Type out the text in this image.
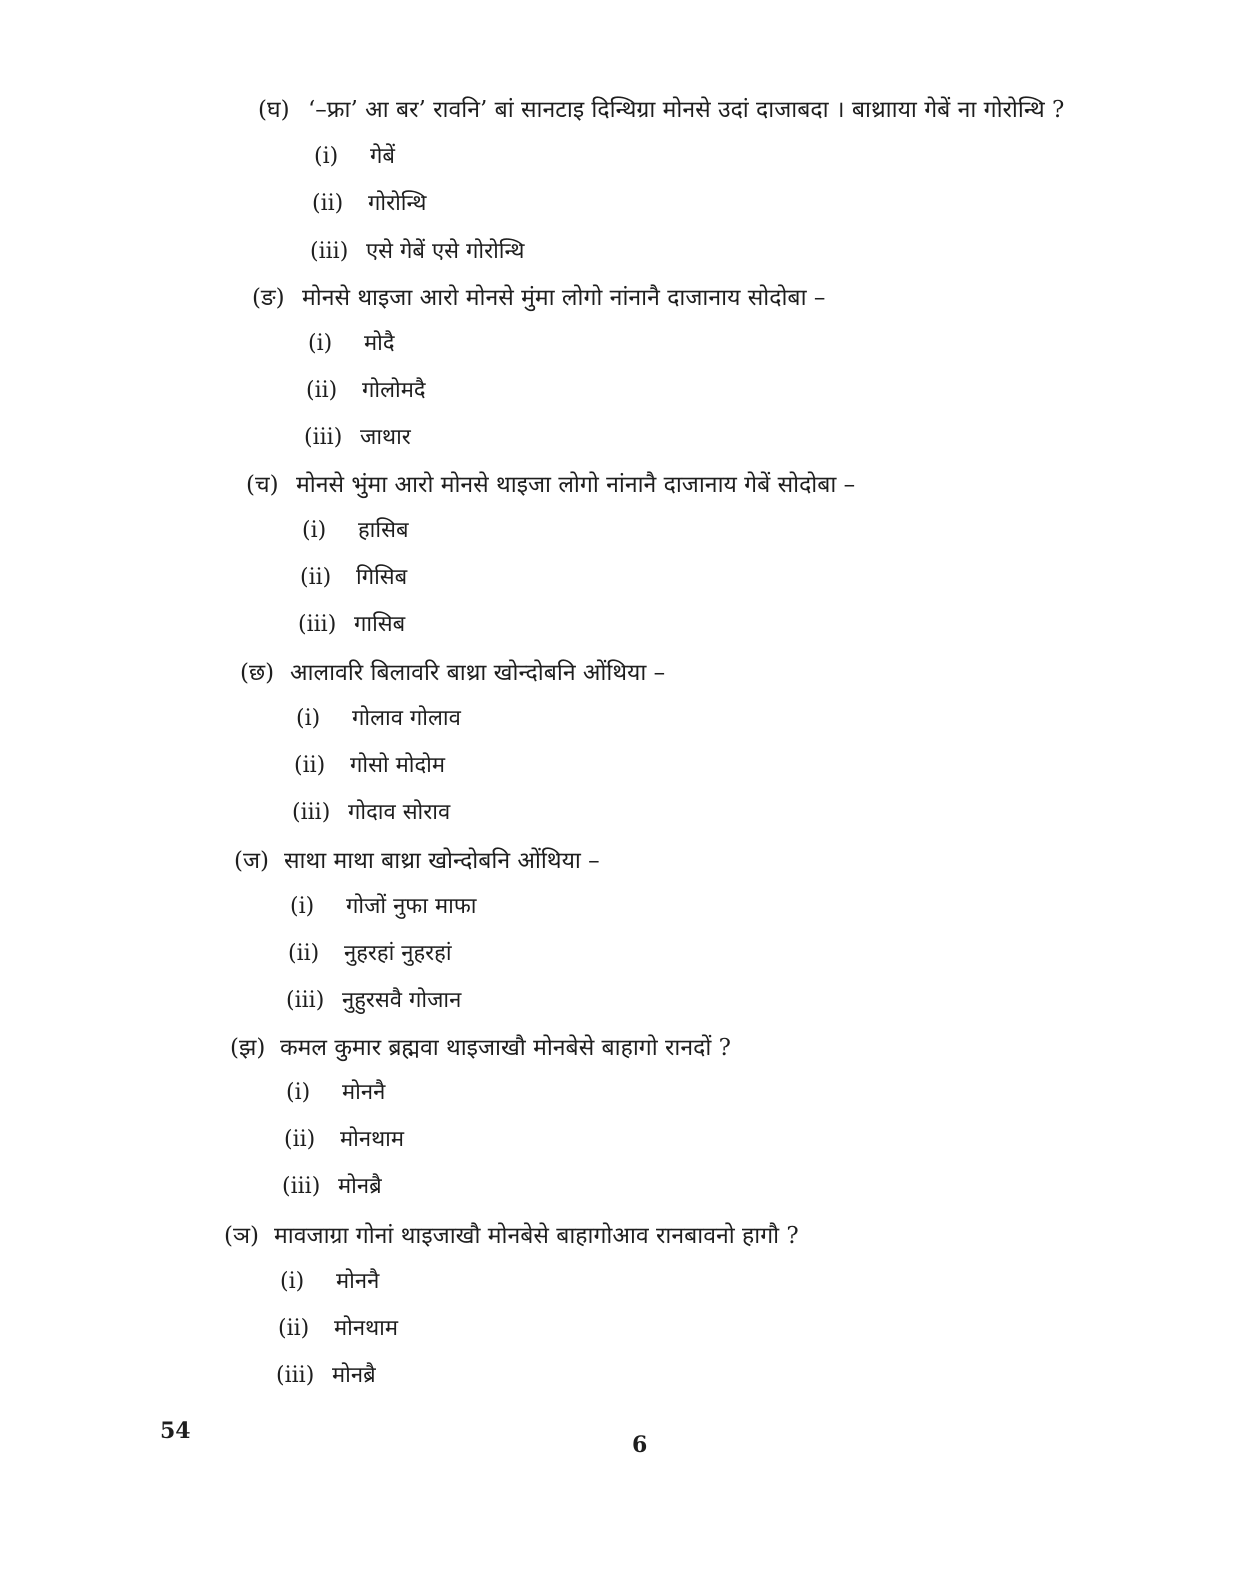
(घ) ‘–फ्रा’ आ बर’ रावनि’ बां सानटाइ दिन्थिग्रा मोनसे उदां दाजाबदा । बाथ्रााया गेबें ना गोरोन्थि ?
(i) गेबें
(ii) गोरोन्थि
(iii) एसे गेबें एसे गोरोन्थि
(ङ) मोनसे थाइजा आरो मोनसे मुंमा लोगो नांनानै दाजानाय सोदोबा –
(i) मोदै
(ii) गोलोमदै
(iii) जाथार
(च) मोनसे भुंमा आरो मोनसे थाइजा लोगो नांनानै दाजानाय गेबें सोदोबा –
(i) हासिब
(ii) गिसिब
(iii) गासिब
(छ) आलावरि बिलावरि बाथ्रा खोन्दोबनि ओंथिया –
(i) गोलाव गोलाव
(ii) गोसो मोदोम
(iii) गोदाव सोराव
(ज) साथा माथा बाथ्रा खोन्दोबनि ओंथिया –
(i) गोजों नुफा माफा
(ii) नुहरहां नुहरहां
(iii) नुहुरसवै गोजान
(झ) कमल कुमार ब्रह्मवा थाइजाखौ मोनबेसे बाहागो रानदों ?
(i) मोननै
(ii) मोनथाम
(iii) मोनब्रै
(ञ) मावजाग्रा गोनां थाइजाखौ मोनबेसे बाहागोआव रानबावनो हागौ ?
(i) मोननै
(ii) मोनथाम
(iii) मोनब्रै
54
6
